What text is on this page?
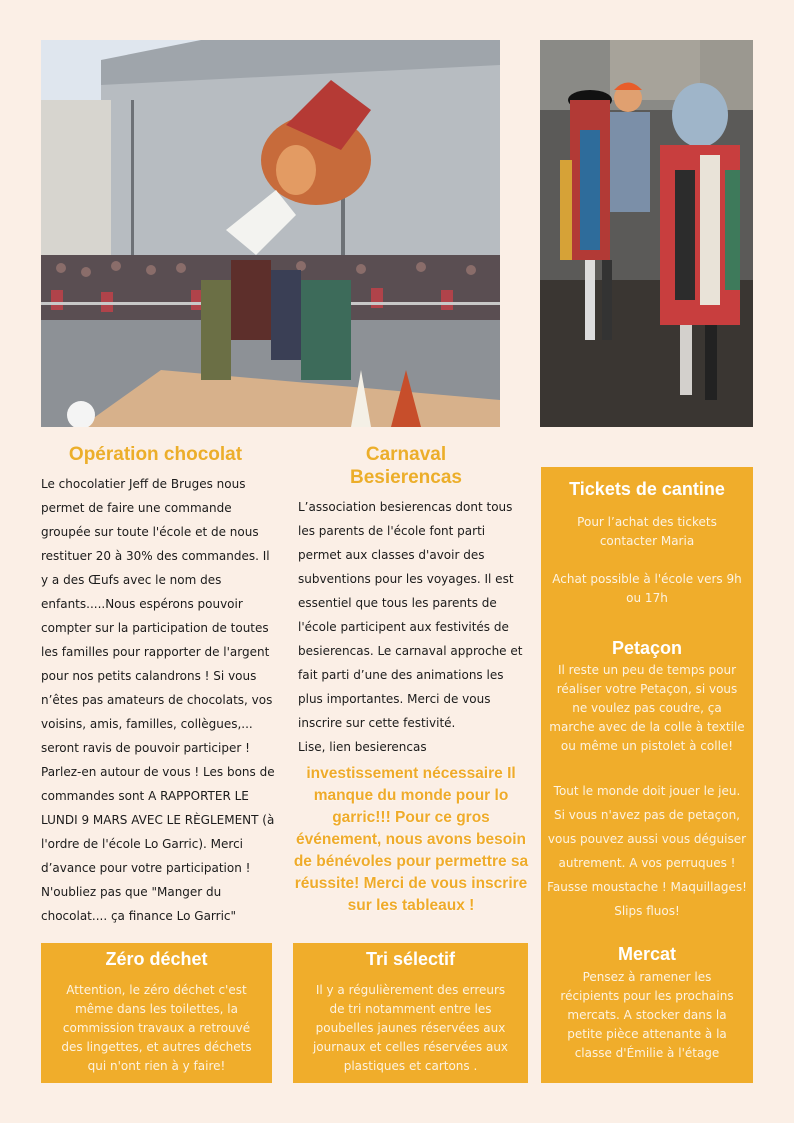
Opération chocolat

Le chocolatier Jeff de Bruges nous permet de faire une commande groupée sur toute l'école et de nous restituer 20 à 30% des commandes. Il y a des Œufs avec le nom des enfants.....Nous espérons pouvoir compter sur la participation de toutes les familles pour rapporter de l'argent pour nos petits calandrons ! Si vous n’êtes pas amateurs de chocolats, vos voisins, amis, familles, collègues,... seront ravis de pouvoir participer ! Parlez-en autour de vous ! Les bons de commandes sont A RAPPORTER LE LUNDI 9 MARS AVEC LE RÈGLEMENT (à l'ordre de l'école Lo Garric). Merci d’avance pour votre participation ! N'oubliez pas que "Manger du chocolat.... ça finance Lo Garric"

Carnaval Besierencas

L’association besierencas dont tous les parents de l'école font parti permet aux classes d'avoir des subventions pour les voyages. Il est essentiel que tous les parents de l'école participent aux festivités de besierencas. Le carnaval approche et fait parti d’une des animations les plus importantes. Merci de vous inscrire sur cette festivité.

Lise, lien besierencas

investissement nécessaire Il manque du monde pour lo garric!!! Pour ce gros événement, nous avons besoin de bénévoles pour permettre sa réussite! Merci de vous inscrire sur les tableaux !
Zéro déchet
Attention, le zéro déchet c'est même dans les toilettes, la commission travaux a retrouvé des lingettes, et autres déchets qui n'ont rien à y faire!
Tri sélectif
Il y a régulièrement des erreurs de tri notamment entre les poubelles jaunes réservées aux journaux et celles réservées aux plastiques et cartons .
Tickets de cantine
Pour l’achat des tickets contacter Maria
Achat possible à l'école vers 9h ou 17h
Petaçon
Il reste un peu de temps pour réaliser votre Petaçon, si vous ne voulez pas coudre, ça marche avec de la colle à textile ou même un pistolet à colle!
Tout le monde doit jouer le jeu. Si vous n'avez pas de petaçon, vous pouvez aussi vous déguiser autrement. A vos perruques ! Fausse moustache ! Maquillages! Slips fluos!
Mercat
Pensez à ramener les récipients pour les prochains mercats. A stocker dans la petite pièce attenante à la classe d'Émilie à l'étage
